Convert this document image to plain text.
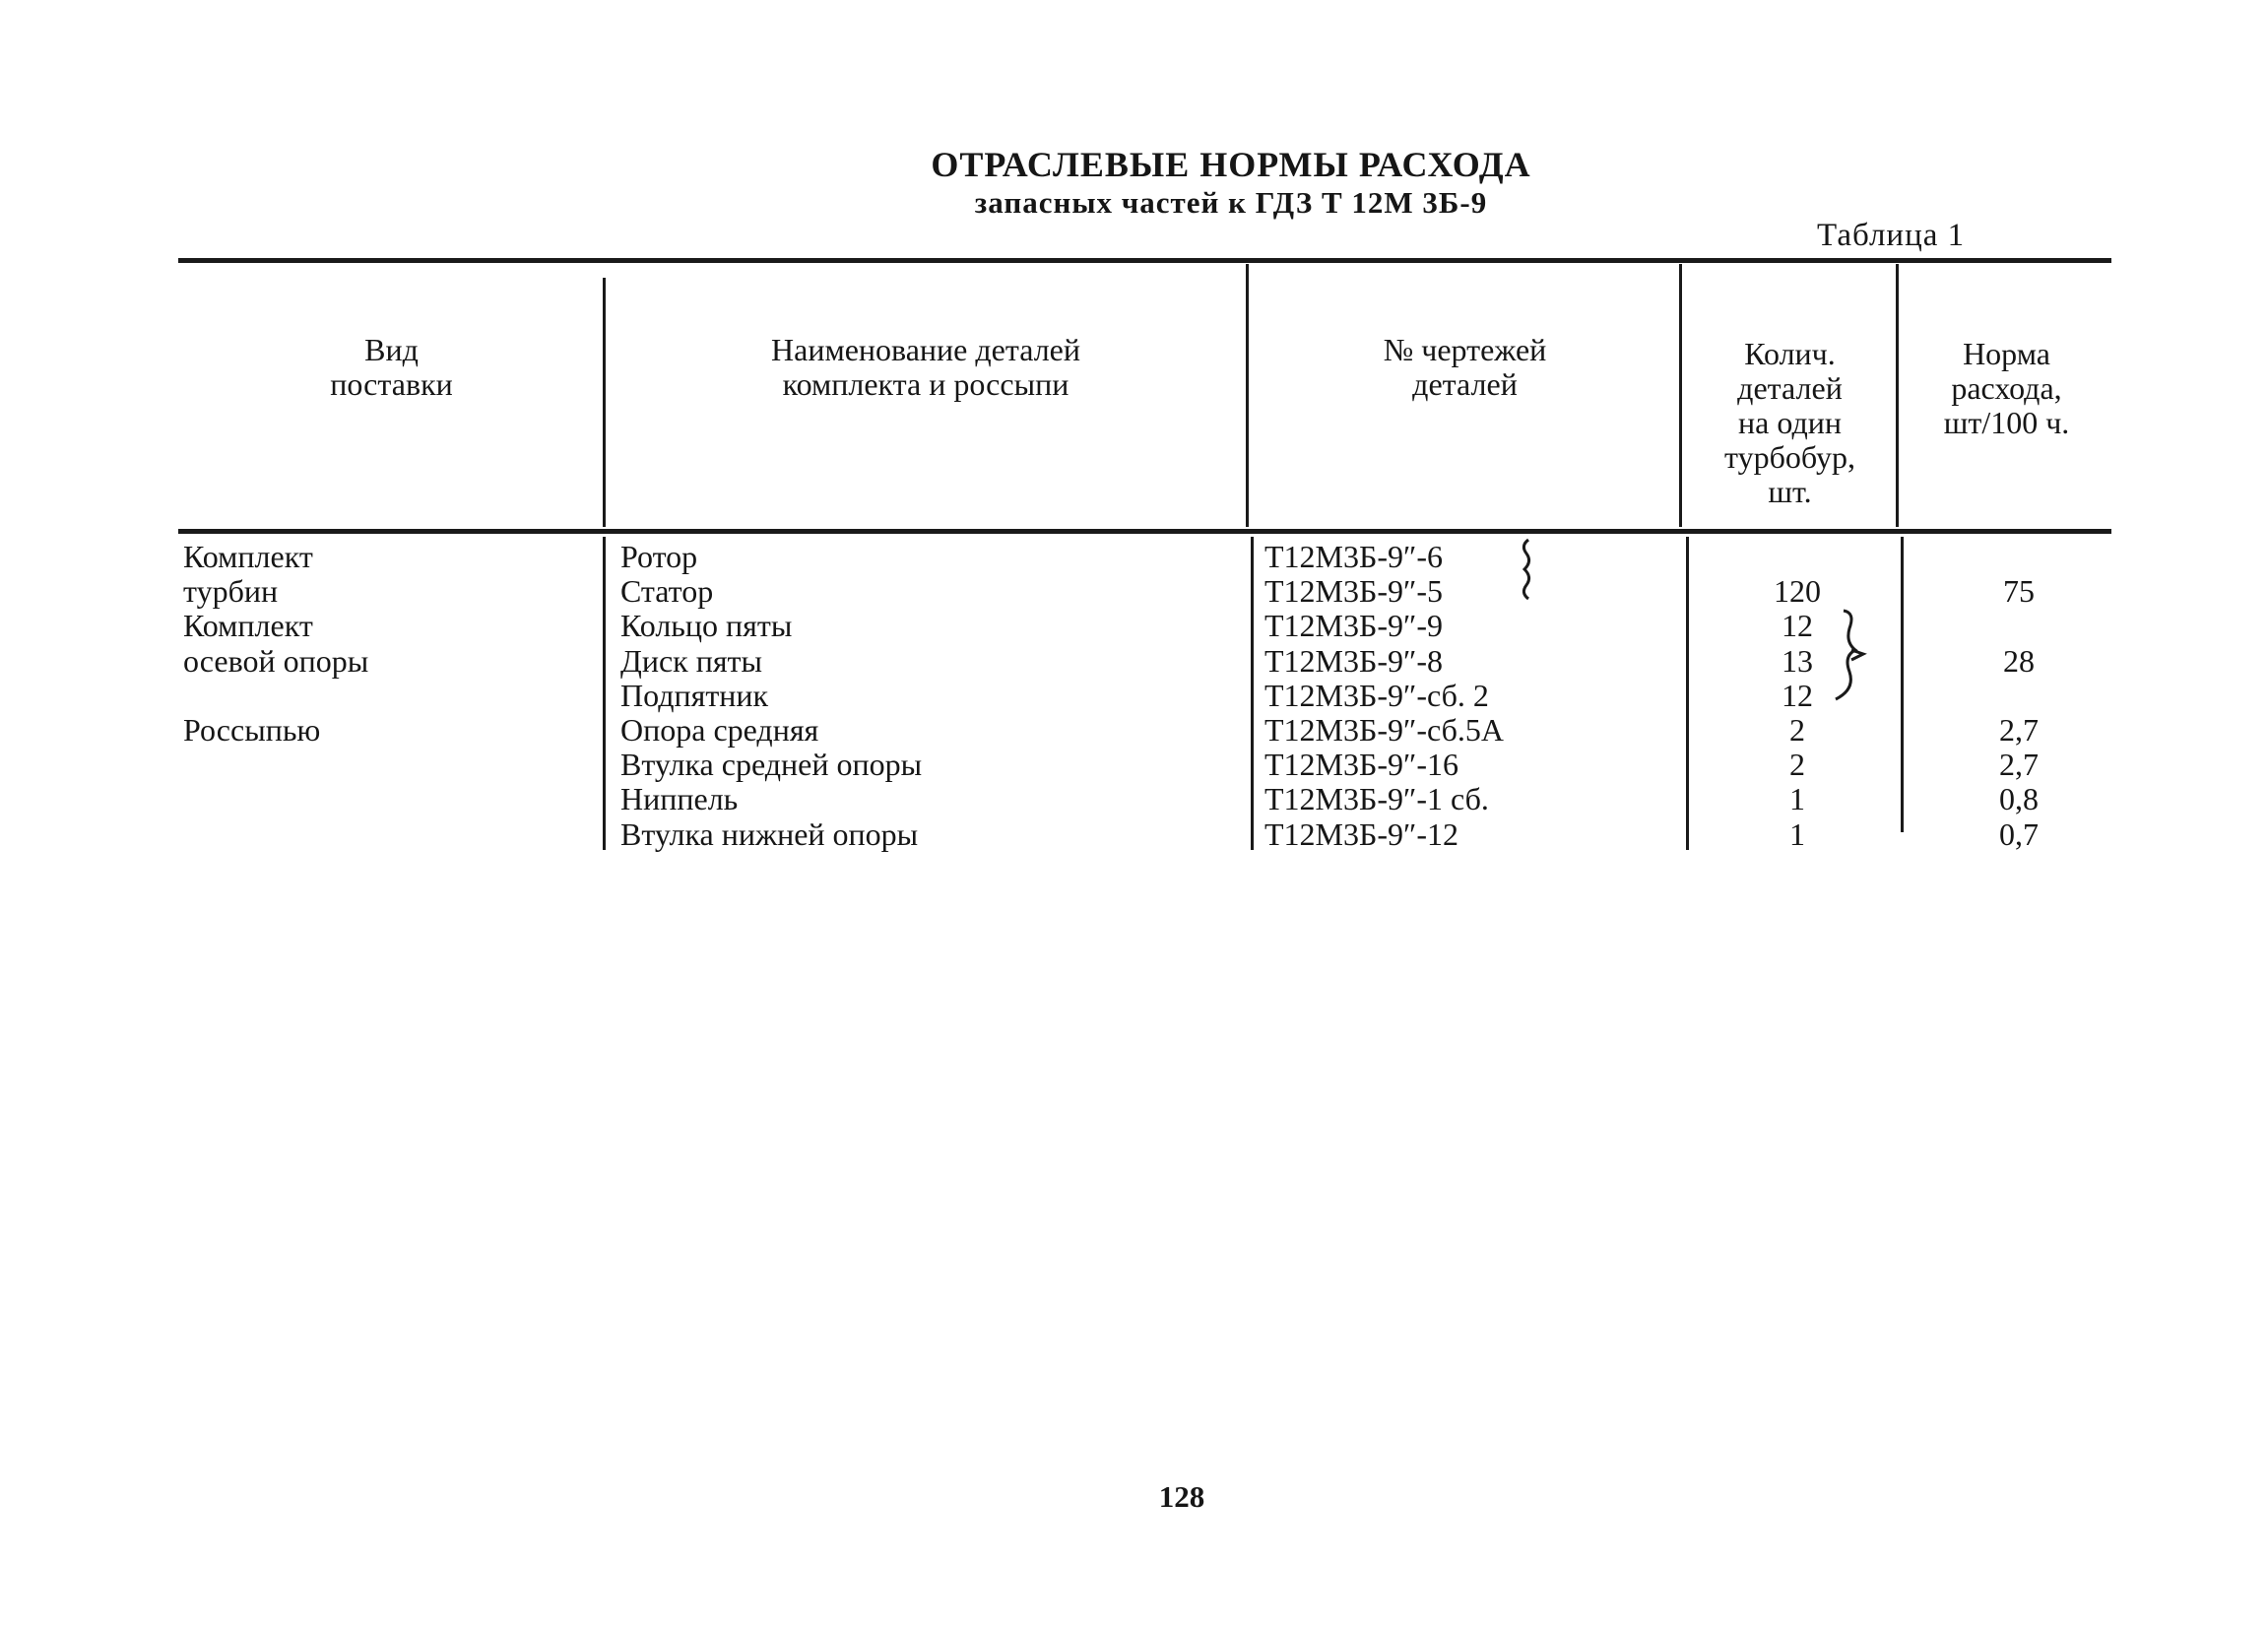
ОТРАСЛЕВЫЕ НОРМЫ РАСХОДА
запасных частей к ГДЗ Т 12М 3Б-9
Таблица 1
Вид
поставки
Наименование деталей
комплекта и россыпи
№ чертежей
деталей
Колич.
деталей
на один
турбобур,
шт.
Норма
расхода,
шт/100 ч.
Комплект
турбин
Комплект
осевой опоры
Россыпью
Ротор
Статор
Кольцо пяты
Диск пяты
Подпятник
Опора средняя
Втулка средней опоры
Ниппель
Втулка нижней опоры
Т12М3Б-9″-6
Т12М3Б-9″-5
Т12М3Б-9″-9
Т12М3Б-9″-8
Т12М3Б-9″-сб. 2
Т12М3Б-9″-сб.5А
Т12М3Б-9″-16
Т12М3Б-9″-1 сб.
Т12М3Б-9″-12
120
12
13
12
2
2
1
1
75
28
2,7
2,7
0,8
0,7
128
